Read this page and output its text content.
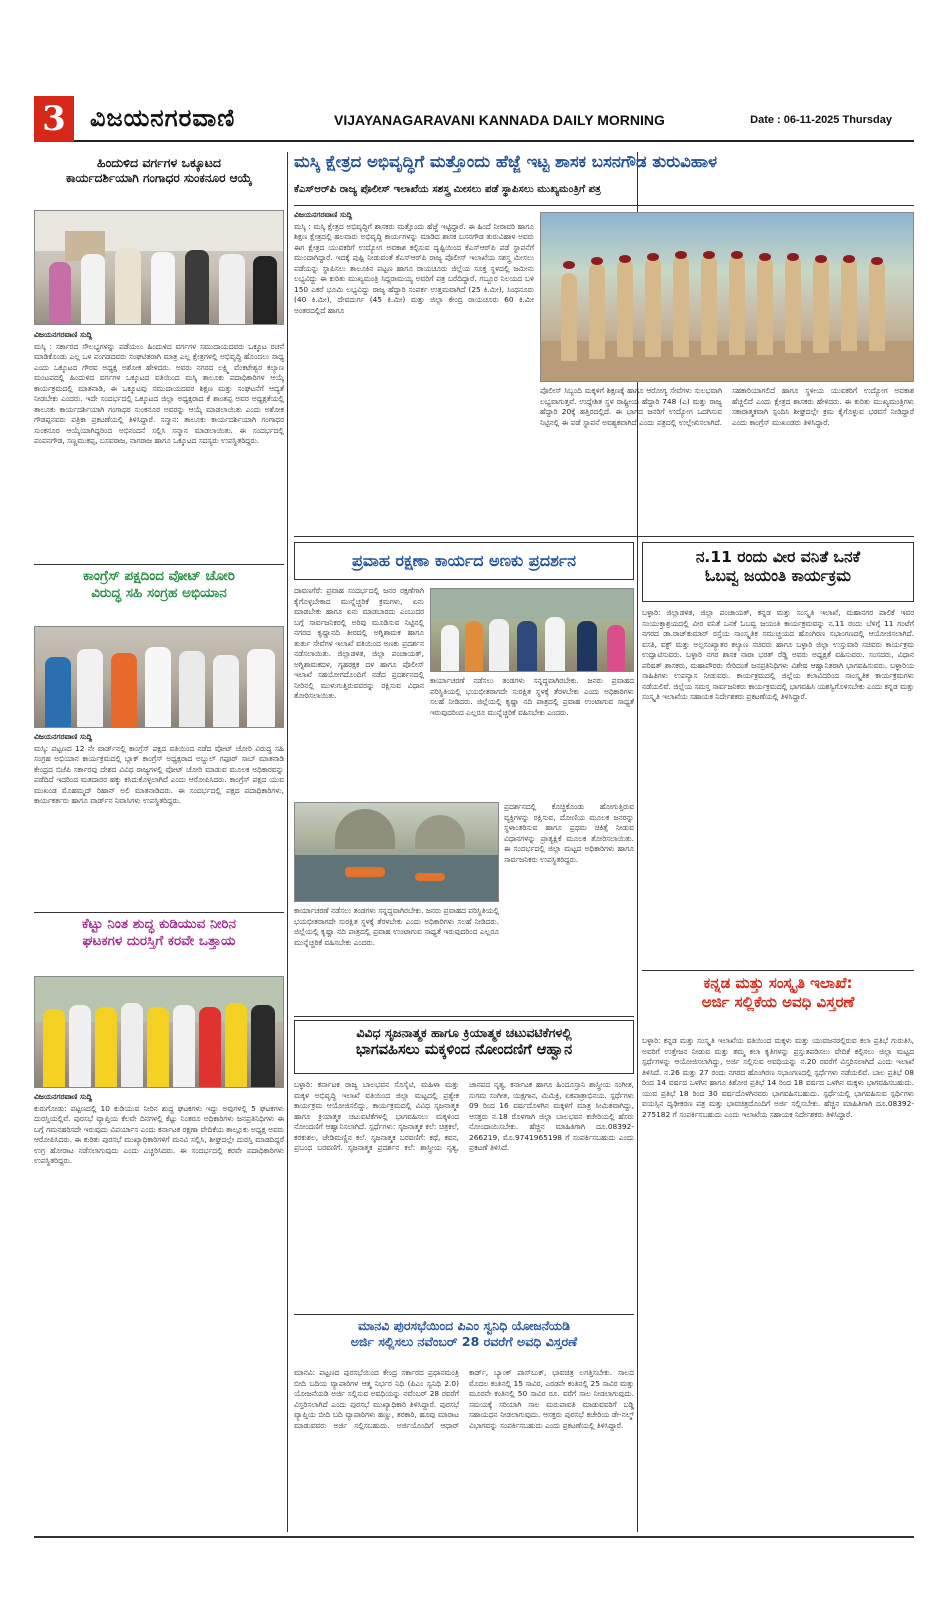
3	ವಿಜಯನಗರವಾಣಿ	VIJAYANAGARAVANI KANNADA DAILY MORNING	Date : 06-11-2025 Thursday
ಹಿಂದುಳಿದ ವರ್ಗಗಳ ಒಕ್ಕೂಟದ
ಕಾರ್ಯದರ್ಶಿಯಾಗಿ ಗಂಗಾಧರ ಸುಂಕನೂರ ಆಯ್ಕೆ
ವಿಜಯನಗರವಾಣಿ ಸುದ್ದಿ
ಮಸ್ಕಿ : ಸರ್ಕಾರದ ಸೌಲಭ್ಯಗಳನ್ನು ಪಡೆಯಲು ಹಿಂದುಳಿದ ವರ್ಗಗಳ ಸಮುದಾಯದವರು ಒಕ್ಕೂಟ ರಚನೆ ಮಾಡಿಕೊಂಡು ಎಲ್ಲ ಒಳ ಪಂಗಡದವರು ಸಂಘಟಿತರಾಗಿ ಮಾತ್ರ ಎಲ್ಲ ಕ್ಷೇತ್ರಗಳಲ್ಲಿ ಅಭಿವೃದ್ಧಿ ಹೊಂದಲು ಸಾಧ್ಯ ಎಂದು ಒಕ್ಕೂಟದ ಗೌರವ ಅಧ್ಯಕ್ಷ ಅಶೋಕ ಹೇಳಿದರು. ಅವರು ನಗರದ ಲಕ್ಷ್ಮಿ ವೆಂಕಟೇಶ್ವರ ಕಲ್ಯಾಣ ಮಂಟಪದಲ್ಲಿ ಹಿಂದುಳಿದ ವರ್ಗಗಳ ಒಕ್ಕೂಟದ ವತಿಯಿಂದ ಮಸ್ಕಿ ತಾಲೂಕು ಪದಾಧಿಕಾರಿಗಳ ಆಯ್ಕೆ ಕಾರ್ಯಕ್ರಮದಲ್ಲಿ ಮಾತನಾಡಿ, ಈ ಒಕ್ಕೂಟವು ಸಮುದಾಯದವರ ಶಿಕ್ಷಣ ಮತ್ತು ಸಂಘಟನೆಗೆ ಆದ್ಯತೆ ನೀಡಬೇಕು ಎಂದರು. ಇದೇ ಸಂದರ್ಭದಲ್ಲಿ ಒಕ್ಕೂಟದ ಜಿಲ್ಲಾ ಅಧ್ಯಕ್ಷರಾದ ಕೆ ಶಾಂತಪ್ಪ ಅವರ ಅಧ್ಯಕ್ಷತೆಯಲ್ಲಿ ತಾಲೂಕು ಕಾರ್ಯದರ್ಶಿಯಾಗಿ ಗಂಗಾಧರ ಸುಂಕನೂರ ಅವರನ್ನು ಆಯ್ಕೆ ಮಾಡಲಾಯಿತು ಎಂದು ಅಶೋಕ ಗೌಡಪ್ಪನವರು ಪತ್ರಿಕಾ ಪ್ರಕಟಣೆಯಲ್ಲಿ ತಿಳಿಸಿದ್ದಾರೆ. ಸನ್ಮಾನ: ತಾಲೂಕು ಕಾರ್ಯದರ್ಶಿಯಾಗಿ ಗಂಗಾಧರ ಸುಂಕನೂರ ಆಯ್ಕೆಯಾಗಿದ್ದರಿಂದ ಅಭಿನಂದನೆ ಸಲ್ಲಿಸಿ ಸನ್ಮಾನ ಮಾಡಲಾಯಿತು. ಈ ಸಂದರ್ಭದಲ್ಲಿ ಪಂಪನಗೌಡ, ಸಣ್ಣಮುಕಪ್ಪ, ಬಸವರಾಜ, ನಾಗರಾಜ ಹಾಗೂ ಒಕ್ಕೂಟದ ಸದಸ್ಯರು ಉಪಸ್ಥಿತರಿದ್ದರು.
ಕಾಂಗ್ರೆಸ್ ಪಕ್ಷದಿಂದ ವೋಟ್ ಚೋರಿ
ವಿರುದ್ಧ ಸಹಿ ಸಂಗ್ರಹ ಅಭಿಯಾನ
ವಿಜಯನಗರವಾಣಿ ಸುದ್ದಿ
ಮಸ್ಕಿ: ಪಟ್ಟಣದ 12 ನೇ ವಾರ್ಡ್‌ನಲ್ಲಿ ಕಾಂಗ್ರೆಸ್ ಪಕ್ಷದ ವತಿಯಿಂದ ನಡೆದ ವೋಟ್ ಚೋರಿ ವಿರುದ್ಧ ಸಹಿ ಸಂಗ್ರಹ ಅಭಿಯಾನ ಕಾರ್ಯಕ್ರಮದಲ್ಲಿ ಬ್ಲಾಕ್ ಕಾಂಗ್ರೆಸ್ ಅಧ್ಯಕ್ಷರಾದ ಅಬ್ದುಲ್ ಗಫೂರ್ ಸಾಬ್ ಮಾತನಾಡಿ ಕೇಂದ್ರದ ಬಿಜೆಪಿ ಸರ್ಕಾರವು ದೇಶದ ವಿವಿಧ ರಾಜ್ಯಗಳಲ್ಲಿ ವೋಟ್ ಚೋರಿ ಮಾಡುವ ಮೂಲಕ ಅಧಿಕಾರವನ್ನು ಪಡೆದಿದೆ ಇದರಿಂದ ಮತದಾರರ ಹಕ್ಕು ಕಸಿದುಕೊಳ್ಳಲಾಗಿದೆ ಎಂದು ಆರೋಪಿಸಿದರು. ಕಾಂಗ್ರೆಸ್ ಪಕ್ಷದ ಯುವ ಮುಖಂಡ ಮೊಹಮ್ಮದ್ ರಿಹಾನ್ ಅಲಿ ಮಾತನಾಡಿದರು. ಈ ಸಂದರ್ಭದಲ್ಲಿ ಪಕ್ಷದ ಪದಾಧಿಕಾರಿಗಳು, ಕಾರ್ಯಕರ್ತರು ಹಾಗೂ ವಾರ್ಡ್‌ನ ನಿವಾಸಿಗಳು ಉಪಸ್ಥಿತರಿದ್ದರು.
ಕೆಟ್ಟು ನಿಂತ ಶುದ್ಧ ಕುಡಿಯುವ ನೀರಿನ
ಘಟಕಗಳ ದುರಸ್ತಿಗೆ ಕರವೇ ಒತ್ತಾಯ
ವಿಜಯನಗರವಾಣಿ ಸುದ್ದಿ
ಕುರುಗೋಡು: ಪಟ್ಟಣದಲ್ಲಿ 10 ಕುಡಿಯುವ ನೀರಿನ ಶುದ್ಧ ಘಟಕಗಳು ಇದ್ದು ಅವುಗಳಲ್ಲಿ 5 ಘಟಕಗಳು ದುರಸ್ತಿಯಲ್ಲಿವೆ. ಪುರಸಭೆ ವ್ಯಾಪ್ತಿಯ ಕೆಲವೇ ದಿನಗಳಲ್ಲಿ ಕೆಟ್ಟು ನಿಂತರೂ ಅಧಿಕಾರಿಗಳು ಜನಪ್ರತಿನಿಧಿಗಳು ಈ ಬಗ್ಗೆ ಗಮನಹರಿಸದೇ ಇರುವುದು ವಿಪರ್ಯಾಸ ಎಂದು ಕರ್ನಾಟಕ ರಕ್ಷಣಾ ವೇದಿಕೆಯ ತಾಲ್ಲೂಕು ಅಧ್ಯಕ್ಷ ಅವರು ಆರೋಪಿಸಿದರು. ಈ ಕುರಿತು ಪುರಸಭೆ ಮುಖ್ಯಾಧಿಕಾರಿಗಳಿಗೆ ಮನವಿ ಸಲ್ಲಿಸಿ, ಶೀಘ್ರದಲ್ಲೇ ದುರಸ್ತಿ ಮಾಡದಿದ್ದರೆ ಉಗ್ರ ಹೋರಾಟ ನಡೆಸಲಾಗುವುದು ಎಂದು ಎಚ್ಚರಿಸಿದರು. ಈ ಸಂದರ್ಭದಲ್ಲಿ ಕರವೇ ಪದಾಧಿಕಾರಿಗಳು ಉಪಸ್ಥಿತರಿದ್ದರು.
ಮಸ್ಕಿ ಕ್ಷೇತ್ರದ ಅಭಿವೃದ್ಧಿಗೆ ಮತ್ತೊಂದು ಹೆಜ್ಜೆ ಇಟ್ಟ ಶಾಸಕ ಬಸನಗೌಡ ತುರುವಿಹಾಳ
ಕೆಎಸ್‌ಆರ್‌ಪಿ ರಾಜ್ಯ ಪೊಲೀಸ್ ಇಲಾಖೆಯ ಸಶಸ್ತ್ರ ಮೀಸಲು ಪಡೆ ಸ್ಥಾಪಿಸಲು ಮುಖ್ಯಮಂತ್ರಿಗೆ ಪತ್ರ
ವಿಜಯನಗರವಾಣಿ ಸುದ್ದಿ
ಮಸ್ಕಿ : ಮಸ್ಕಿ ಕ್ಷೇತ್ರದ ಅಭಿವೃದ್ಧಿಗೆ ಶಾಸಕರು ಮತ್ತೊಂದು ಹೆಜ್ಜೆ ಇಟ್ಟಿದ್ದಾರೆ. ಈ ಹಿಂದೆ ನೀರಾವರಿ ಹಾಗೂ ಶಿಕ್ಷಣ ಕ್ಷೇತ್ರದಲ್ಲಿ ಹಲವಾರು ಅಭಿವೃದ್ಧಿ ಕಾರ್ಯಗಳನ್ನು ಮಾಡಿದ ಶಾಸಕ ಬಸನಗೌಡ ತುರುವಿಹಾಳ ಅವರು ಈಗ ಕ್ಷೇತ್ರದ ಯುವಕರಿಗೆ ಉದ್ಯೋಗ ಅವಕಾಶ ಕಲ್ಪಿಸುವ ದೃಷ್ಟಿಯಿಂದ ಕೆಎಸ್‌ಆರ್‌ಪಿ ಪಡೆ ಸ್ಥಾಪನೆಗೆ ಮುಂದಾಗಿದ್ದಾರೆ. ಇದಕ್ಕೆ ಪುಷ್ಟಿ ನೀಡುವಂತೆ ಕೆಎಸ್‌ಆರ್‌ಪಿ ರಾಜ್ಯ ಪೊಲೀಸ್ ಇಲಾಖೆಯ ಸಶಸ್ತ್ರ ಮೀಸಲು ಪಡೆಯನ್ನು ಸ್ಥಾಪಿಸಲು ತಾಲೂಕಿನ ಪಟ್ಟಣ ಹಾಗೂ ರಾಯಚೂರು ಜಿಲ್ಲೆಯ ಸೂಕ್ತ ಸ್ಥಳದಲ್ಲಿ ಜಮೀನು ಲಭ್ಯವಿದ್ದು ಈ ಕುರಿತು ಮುಖ್ಯಮಂತ್ರಿ ಸಿದ್ದರಾಮಯ್ಯ ಅವರಿಗೆ ಪತ್ರ ಬರೆದಿದ್ದಾರೆ. ಗಬ್ಬೂರ ನಿಲಯದ ಬಳಿ 150 ಎಕರೆ ಭೂಮಿ ಲಭ್ಯವಿದ್ದು ರಾಜ್ಯ ಹೆದ್ದಾರಿ ಸಂಪರ್ಕ ಉತ್ತಮವಾಗಿದೆ (25 ಕಿ.ಮೀ), ಸಿಂಧನೂರು (40 ಕಿ.ಮೀ), ದೇವದುರ್ಗ (45 ಕಿ.ಮೀ) ಮತ್ತು ಜಿಲ್ಲಾ ಕೇಂದ್ರ ರಾಯಚೂರು 60 ಕಿ.ಮೀ ಅಂತರದಲ್ಲಿದೆ ಹಾಗೂ
ಪೊಲೀಸ್ ಸಿಬ್ಬಂದಿ ಮಕ್ಕಳಿಗೆ ಶಿಕ್ಷಣಕ್ಕೆ ಹಾಗೂ ಆರೋಗ್ಯ ಸೇವೆಗಳು ಸುಲಭವಾಗಿ ಲಭ್ಯವಾಗುತ್ತವೆ. ಉದ್ದೇಶಿತ ಸ್ಥಳ ರಾಷ್ಟ್ರೀಯ ಹೆದ್ದಾರಿ 748 (ಎ) ಮತ್ತು ರಾಜ್ಯ ಹೆದ್ದಾರಿ 20ಕ್ಕೆ ಹತ್ತಿರದಲ್ಲಿದೆ. ಈ ಭಾಗದ ಜನರಿಗೆ ಉದ್ಯೋಗ ಒದಗಿಸುವ ನಿಟ್ಟಿನಲ್ಲಿ ಈ ಪಡೆ ಸ್ಥಾಪನೆ ಅವಶ್ಯಕವಾಗಿದೆ ಎಂದು ಪತ್ರದಲ್ಲಿ ಉಲ್ಲೇಖಿಸಲಾಗಿದೆ. ಸಹಕಾರಿಯಾಗಲಿದೆ ಹಾಗೂ ಸ್ಥಳೀಯ ಯುವಕರಿಗೆ ಉದ್ಯೋಗ ಅವಕಾಶ ಹೆಚ್ಚಲಿದೆ ಎಂದು ಕ್ಷೇತ್ರದ ಶಾಸಕರು ಹೇಳಿದರು. ಈ ಕುರಿತು ಮುಖ್ಯಮಂತ್ರಿಗಳು ಸಕಾರಾತ್ಮಕವಾಗಿ ಸ್ಪಂದಿಸಿ ಶೀಘ್ರದಲ್ಲೇ ಕ್ರಮ ಕೈಗೊಳ್ಳುವ ಭರವಸೆ ನೀಡಿದ್ದಾರೆ ಎಂದು ಕಾಂಗ್ರೆಸ್ ಮುಖಂಡರು ತಿಳಿಸಿದ್ದಾರೆ.
ಪ್ರವಾಹ ರಕ್ಷಣಾ ಕಾರ್ಯದ ಅಣಕು ಪ್ರದರ್ಶನ
ದಾವಣಗೆರೆ: ಪ್ರವಾಹ ಸಂದರ್ಭದಲ್ಲಿ ಜನರ ರಕ್ಷಣೆಗಾಗಿ ಕೈಗೊಳ್ಳಬೇಕಾದ ಮುನ್ನೆಚ್ಚರಿಕೆ ಕ್ರಮಗಳು, ಏನು ಮಾಡಬೇಕು ಹಾಗೂ ಏನು ಮಾಡಬಾರದು ಎಂಬುದರ ಬಗ್ಗೆ ಸಾರ್ವಜನಿಕರಲ್ಲಿ ಅರಿವು ಮೂಡಿಸುವ ನಿಟ್ಟಿನಲ್ಲಿ ನಗರದ ಕೃಷ್ಣಾನದಿ ತೀರದಲ್ಲಿ ಅಗ್ನಿಶಾಮಕ ಹಾಗೂ ತುರ್ತು ಸೇವೆಗಳ ಇಲಾಖೆ ವತಿಯಿಂದ ಅಣಕು ಪ್ರದರ್ಶನ ನಡೆಸಲಾಯಿತು. ಜಿಲ್ಲಾಡಳಿತ, ಜಿಲ್ಲಾ ಪಂಚಾಯತ್, ಅಗ್ನಿಶಾಮಕದಳ, ಗೃಹರಕ್ಷಕ ದಳ ಹಾಗೂ ಪೊಲೀಸ್ ಇಲಾಖೆ ಸಹಯೋಗದೊಂದಿಗೆ ನಡೆದ ಪ್ರದರ್ಶನದಲ್ಲಿ ನೀರಿನಲ್ಲಿ ಮುಳುಗುತ್ತಿರುವವರನ್ನು ರಕ್ಷಿಸುವ ವಿಧಾನ ತೋರಿಸಲಾಯಿತು.
ಕಾರ್ಯಾಚರಣೆ ನಡೆಸಲು ತಂಡಗಳು ಸನ್ನದ್ಧವಾಗಿರಬೇಕು. ಜನರು ಪ್ರವಾಹದ ಪರಿಸ್ಥಿತಿಯಲ್ಲಿ ಭಯಭೀತರಾಗದೇ ಸುರಕ್ಷಿತ ಸ್ಥಳಕ್ಕೆ ತೆರಳಬೇಕು ಎಂದು ಅಧಿಕಾರಿಗಳು ಸಲಹೆ ನೀಡಿದರು. ಜಿಲ್ಲೆಯಲ್ಲಿ ಕೃಷ್ಣಾ ನದಿ ಪಾತ್ರದಲ್ಲಿ ಪ್ರವಾಹ ಉಂಟಾಗುವ ಸಾಧ್ಯತೆ ಇರುವುದರಿಂದ ಎಲ್ಲರೂ ಮುನ್ನೆಚ್ಚರಿಕೆ ವಹಿಸಬೇಕು ಎಂದರು.
ಪ್ರದರ್ಶನದಲ್ಲಿ ಕೊಚ್ಚಿಕೊಂಡು ಹೋಗುತ್ತಿರುವ ವ್ಯಕ್ತಿಗಳನ್ನು ರಕ್ಷಿಸುವ, ದೋಣಿಯ ಮೂಲಕ ಜನರನ್ನು ಸ್ಥಳಾಂತರಿಸುವ ಹಾಗೂ ಪ್ರಥಮ ಚಿಕಿತ್ಸೆ ನೀಡುವ ವಿಧಾನಗಳನ್ನು ಪ್ರಾತ್ಯಕ್ಷಿಕೆ ಮೂಲಕ ತೋರಿಸಲಾಯಿತು. ಈ ಸಂದರ್ಭದಲ್ಲಿ ಜಿಲ್ಲಾ ಮಟ್ಟದ ಅಧಿಕಾರಿಗಳು ಹಾಗೂ ಸಾರ್ವಜನಿಕರು ಉಪಸ್ಥಿತರಿದ್ದರು.
ಕಾರ್ಯಾಚರಣೆ ನಡೆಸಲು ತಂಡಗಳು ಸನ್ನದ್ಧವಾಗಿರಬೇಕು. ಜನರು ಪ್ರವಾಹದ ಪರಿಸ್ಥಿತಿಯಲ್ಲಿ ಭಯಭೀತರಾಗದೇ ಸುರಕ್ಷಿತ ಸ್ಥಳಕ್ಕೆ ತೆರಳಬೇಕು ಎಂದು ಅಧಿಕಾರಿಗಳು ಸಲಹೆ ನೀಡಿದರು. ಜಿಲ್ಲೆಯಲ್ಲಿ ಕೃಷ್ಣಾ ನದಿ ಪಾತ್ರದಲ್ಲಿ ಪ್ರವಾಹ ಉಂಟಾಗುವ ಸಾಧ್ಯತೆ ಇರುವುದರಿಂದ ಎಲ್ಲರೂ ಮುನ್ನೆಚ್ಚರಿಕೆ ವಹಿಸಬೇಕು ಎಂದರು.
ವಿವಿಧ ಸೃಜನಾತ್ಮಕ ಹಾಗೂ ಕ್ರಿಯಾತ್ಮಕ ಚಟುವಟಿಕೆಗಳಲ್ಲಿ
ಭಾಗವಹಿಸಲು ಮಕ್ಕಳಿಂದ ನೋಂದಣಿಗೆ ಆಹ್ವಾನ
ಬಳ್ಳಾರಿ: ಕರ್ನಾಟಕ ರಾಜ್ಯ ಬಾಲಭವನ ಸೊಸೈಟಿ, ಮಹಿಳಾ ಮತ್ತು ಮಕ್ಕಳ ಅಭಿವೃದ್ಧಿ ಇಲಾಖೆ ವತಿಯಿಂದ ಜಿಲ್ಲಾ ಮಟ್ಟದಲ್ಲಿ ಪ್ರತ್ಯೇಕ ಕಾರ್ಯಕ್ರಮ ಆಯೋಜಿಸಲಿದ್ದು, ಕಾರ್ಯಕ್ರಮದಲ್ಲಿ ವಿವಿಧ ಸೃಜನಾತ್ಮಕ ಹಾಗೂ ಕ್ರಿಯಾತ್ಮಕ ಚಟುವಟಿಕೆಗಳಲ್ಲಿ ಭಾಗವಹಿಸಲು ಮಕ್ಕಳಿಂದ ನೋಂದಣಿಗೆ ಆಹ್ವಾನಿಸಲಾಗಿದೆ. ಸ್ಪರ್ಧೆಗಳು: ಸೃಜನಾತ್ಮಕ ಕಲೆ: ಚಿತ್ರಕಲೆ, ಕರಕುಶಲ, ಜೇಡಿಮಣ್ಣಿನ ಕಲೆ. ಸೃಜನಾತ್ಮಕ ಬರವಣಿಗೆ: ಕಥೆ, ಕವನ, ಪ್ರಬಂಧ ಬರವಣಿಗೆ. ಸೃಜನಾತ್ಮಕ ಪ್ರದರ್ಶನ ಕಲೆ: ಶಾಸ್ತ್ರೀಯ ನೃತ್ಯ, ಜಾನಪದ ನೃತ್ಯ, ಕರ್ನಾಟಕ ಹಾಗೂ ಹಿಂದೂಸ್ತಾನಿ ಶಾಸ್ತ್ರೀಯ ಸಂಗೀತ, ಸುಗಮ ಸಂಗೀತ, ಯಕ್ಷಗಾನ, ಮಿಮಿಕ್ರಿ, ಏಕಪಾತ್ರಾಭಿನಯ. ಸ್ಪರ್ಧೆಗಳು 09 ರಿಂದ 16 ವರ್ಷದೊಳಗಿನ ಮಕ್ಕಳಿಗೆ ಮಾತ್ರ ಸೀಮಿತವಾಗಿದ್ದು, ಆಸಕ್ತರು ನ.18 ರೊಳಗಾಗಿ ಜಿಲ್ಲಾ ಬಾಲಭವನ ಕಚೇರಿಯಲ್ಲಿ ಹೆಸರು ನೋಂದಾಯಿಸಬೇಕು. ಹೆಚ್ಚಿನ ಮಾಹಿತಿಗಾಗಿ ದೂ.08392-266219, ಮೊ.9741965198 ಗೆ ಸಂಪರ್ಕಿಸಬಹುದು ಎಂದು ಪ್ರಕಟಣೆ ತಿಳಿಸಿದೆ.
ಮಾನವಿ ಪುರಸಭೆಯಿಂದ ಪಿಎಂ ಸ್ವನಿಧಿ ಯೋಜನೆಯಡಿ
ಅರ್ಜಿ ಸಲ್ಲಿಸಲು ನವೆಂಬರ್ 28 ರವರೆಗೆ ಅವಧಿ ವಿಸ್ತರಣೆ
ಮಾನವಿ: ಪಟ್ಟಣದ ಪುರಸಭೆಯಿಂದ ಕೇಂದ್ರ ಸರ್ಕಾರದ ಪ್ರಧಾನಮಂತ್ರಿ ಬೀದಿ ಬದಿಯ ವ್ಯಾಪಾರಿಗಳ ಆತ್ಮ ನಿರ್ಭರ ನಿಧಿ (ಪಿಎಂ ಸ್ವನಿಧಿ 2.0) ಯೋಜನೆಯಡಿ ಅರ್ಜಿ ಸಲ್ಲಿಸುವ ಅವಧಿಯನ್ನು ನವೆಂಬರ್ 28 ರವರೆಗೆ ವಿಸ್ತರಿಸಲಾಗಿದೆ ಎಂದು ಪುರಸಭೆ ಮುಖ್ಯಾಧಿಕಾರಿ ತಿಳಿಸಿದ್ದಾರೆ. ಪುರಸಭೆ ವ್ಯಾಪ್ತಿಯ ಬೀದಿ ಬದಿ ವ್ಯಾಪಾರಿಗಳು ಹಣ್ಣು, ತರಕಾರಿ, ಹೂವು ಮಾರಾಟ ಮಾಡುವವರು ಅರ್ಜಿ ಸಲ್ಲಿಸಬಹುದು. ಅರ್ಜಿಯೊಂದಿಗೆ ಆಧಾರ್ ಕಾರ್ಡ್, ಬ್ಯಾಂಕ್ ಪಾಸ್‌ಬುಕ್, ಭಾವಚಿತ್ರ ಲಗತ್ತಿಸಬೇಕು. ಸಾಲದ ಮೊದಲ ಕಂತಿನಲ್ಲಿ 15 ಸಾವಿರ, ಎರಡನೇ ಕಂತಿನಲ್ಲಿ 25 ಸಾವಿರ ಮತ್ತು ಮೂರನೇ ಕಂತಿನಲ್ಲಿ 50 ಸಾವಿರ ರೂ. ವರೆಗೆ ಸಾಲ ನೀಡಲಾಗುವುದು. ಸಮಯಕ್ಕೆ ಸರಿಯಾಗಿ ಸಾಲ ಮರುಪಾವತಿ ಮಾಡುವವರಿಗೆ ಬಡ್ಡಿ ಸಹಾಯಧನ ನೀಡಲಾಗುವುದು. ಆಸಕ್ತರು ಪುರಸಭೆ ಕಚೇರಿಯ ಡೇ-ನಲ್ಮ್ ವಿಭಾಗವನ್ನು ಸಂಪರ್ಕಿಸಬಹುದು ಎಂದು ಪ್ರಕಟಣೆಯಲ್ಲಿ ತಿಳಿಸಿದ್ದಾರೆ.
ನ.11 ರಂದು ವೀರ ವನಿತೆ ಒನಕೆ
ಓಬವ್ವ ಜಯಂತಿ ಕಾರ್ಯಕ್ರಮ
ಬಳ್ಳಾರಿ: ಜಿಲ್ಲಾಡಳಿತ, ಜಿಲ್ಲಾ ಪಂಚಾಯತ್, ಕನ್ನಡ ಮತ್ತು ಸಂಸ್ಕೃತಿ ಇಲಾಖೆ, ಮಹಾನಗರ ಪಾಲಿಕೆ ಇವರ ಸಂಯುಕ್ತಾಶ್ರಯದಲ್ಲಿ ವೀರ ವನಿತೆ ಒನಕೆ ಓಬವ್ವ ಜಯಂತಿ ಕಾರ್ಯಕ್ರಮವನ್ನು ನ.11 ರಂದು ಬೆಳಿಗ್ಗೆ 11 ಗಂಟೆಗೆ ನಗರದ ಡಾ.ರಾಜ್‌ಕುಮಾರ್ ರಸ್ತೆಯ ಸಾಂಸ್ಕೃತಿಕ ಸಮುಚ್ಚಯದ ಹೊಂಗಿರಣ ಸಭಾಂಗಣದಲ್ಲಿ ಆಯೋಜಿಸಲಾಗಿದೆ. ವಸತಿ, ವಕ್ಫ್ ಮತ್ತು ಅಲ್ಪಸಂಖ್ಯಾತರ ಕಲ್ಯಾಣ ಸಚಿವರು ಹಾಗೂ ಬಳ್ಳಾರಿ ಜಿಲ್ಲಾ ಉಸ್ತುವಾರಿ ಸಚಿವರು ಕಾರ್ಯಕ್ರಮ ಉದ್ಘಾಟಿಸುವರು. ಬಳ್ಳಾರಿ ನಗರ ಶಾಸಕ ನಾರಾ ಭರತ್ ರೆಡ್ಡಿ ಅವರು ಅಧ್ಯಕ್ಷತೆ ವಹಿಸುವರು. ಸಂಸದರು, ವಿಧಾನ ಪರಿಷತ್ ಶಾಸಕರು, ಮಹಾಪೌರರು ಸೇರಿದಂತೆ ಜನಪ್ರತಿನಿಧಿಗಳು ವಿಶೇಷ ಆಹ್ವಾನಿತರಾಗಿ ಭಾಗವಹಿಸುವರು. ಬಳ್ಳಾರಿಯ ಸಾಹಿತಿಗಳು ಉಪನ್ಯಾಸ ನೀಡುವರು. ಕಾರ್ಯಕ್ರಮದಲ್ಲಿ ಜಿಲ್ಲೆಯ ಕಲಾವಿದರಿಂದ ಸಾಂಸ್ಕೃತಿಕ ಕಾರ್ಯಕ್ರಮಗಳು ನಡೆಯಲಿವೆ. ಜಿಲ್ಲೆಯ ಸಮಸ್ತ ಸಾರ್ವಜನಿಕರು ಕಾರ್ಯಕ್ರಮದಲ್ಲಿ ಭಾಗವಹಿಸಿ ಯಶಸ್ವಿಗೊಳಿಸಬೇಕು ಎಂದು ಕನ್ನಡ ಮತ್ತು ಸಂಸ್ಕೃತಿ ಇಲಾಖೆಯ ಸಹಾಯಕ ನಿರ್ದೇಶಕರು ಪ್ರಕಟಣೆಯಲ್ಲಿ ತಿಳಿಸಿದ್ದಾರೆ.
ಕನ್ನಡ ಮತ್ತು ಸಂಸ್ಕೃತಿ ಇಲಾಖೆ:
ಅರ್ಜಿ ಸಲ್ಲಿಕೆಯ ಅವಧಿ ವಿಸ್ತರಣೆ
ಬಳ್ಳಾರಿ: ಕನ್ನಡ ಮತ್ತು ಸಂಸ್ಕೃತಿ ಇಲಾಖೆಯ ವತಿಯಿಂದ ಮಕ್ಕಳು ಮತ್ತು ಯುವಜನರಲ್ಲಿರುವ ಕಲಾ ಪ್ರತಿಭೆ ಗುರುತಿಸಿ, ಅವರಿಗೆ ಉತ್ತೇಜನ ನೀಡುವ ಮತ್ತು ತಮ್ಮ ಕಲಾ ಕೃತಿಗಳನ್ನು ಪ್ರಸ್ತುತಪಡಿಸಲು ವೇದಿಕೆ ಕಲ್ಪಿಸಲು ಜಿಲ್ಲಾ ಮಟ್ಟದ ಸ್ಪರ್ಧೆಗಳನ್ನು ಆಯೋಜಿಸಲಾಗಿದ್ದು, ಅರ್ಜಿ ಸಲ್ಲಿಸುವ ಅವಧಿಯನ್ನು ನ.20 ರವರೆಗೆ ವಿಸ್ತರಿಸಲಾಗಿದೆ ಎಂದು ಇಲಾಖೆ ತಿಳಿಸಿದೆ. ನ.26 ಮತ್ತು 27 ರಂದು ನಗರದ ಹೊಂಗಿರಣ ಸಭಾಂಗಣದಲ್ಲಿ ಸ್ಪರ್ಧೆಗಳು ನಡೆಯಲಿವೆ. ಬಾಲ ಪ್ರತಿಭೆ 08 ರಿಂದ 14 ವರ್ಷದ ಒಳಗಿನ ಹಾಗೂ ಕಿಶೋರ ಪ್ರತಿಭೆ 14 ರಿಂದ 18 ವರ್ಷದ ಒಳಗಿನ ಮಕ್ಕಳು ಭಾಗವಹಿಸಬಹುದು. ಯುವ ಪ್ರತಿಭೆ 18 ರಿಂದ 30 ವರ್ಷದೊಳಗಿನವರು ಭಾಗವಹಿಸಬಹುದು. ಸ್ಪರ್ಧೆಯಲ್ಲಿ ಭಾಗವಹಿಸುವ ಸ್ಪರ್ಧಿಗಳು ವಯಸ್ಸಿನ ದೃಢೀಕರಣ ಪತ್ರ ಮತ್ತು ಭಾವಚಿತ್ರದೊಂದಿಗೆ ಅರ್ಜಿ ಸಲ್ಲಿಸಬೇಕು. ಹೆಚ್ಚಿನ ಮಾಹಿತಿಗಾಗಿ ದೂ.08392-275182 ಗೆ ಸಂಪರ್ಕಿಸಬಹುದು ಎಂದು ಇಲಾಖೆಯ ಸಹಾಯಕ ನಿರ್ದೇಶಕರು ತಿಳಿಸಿದ್ದಾರೆ.
